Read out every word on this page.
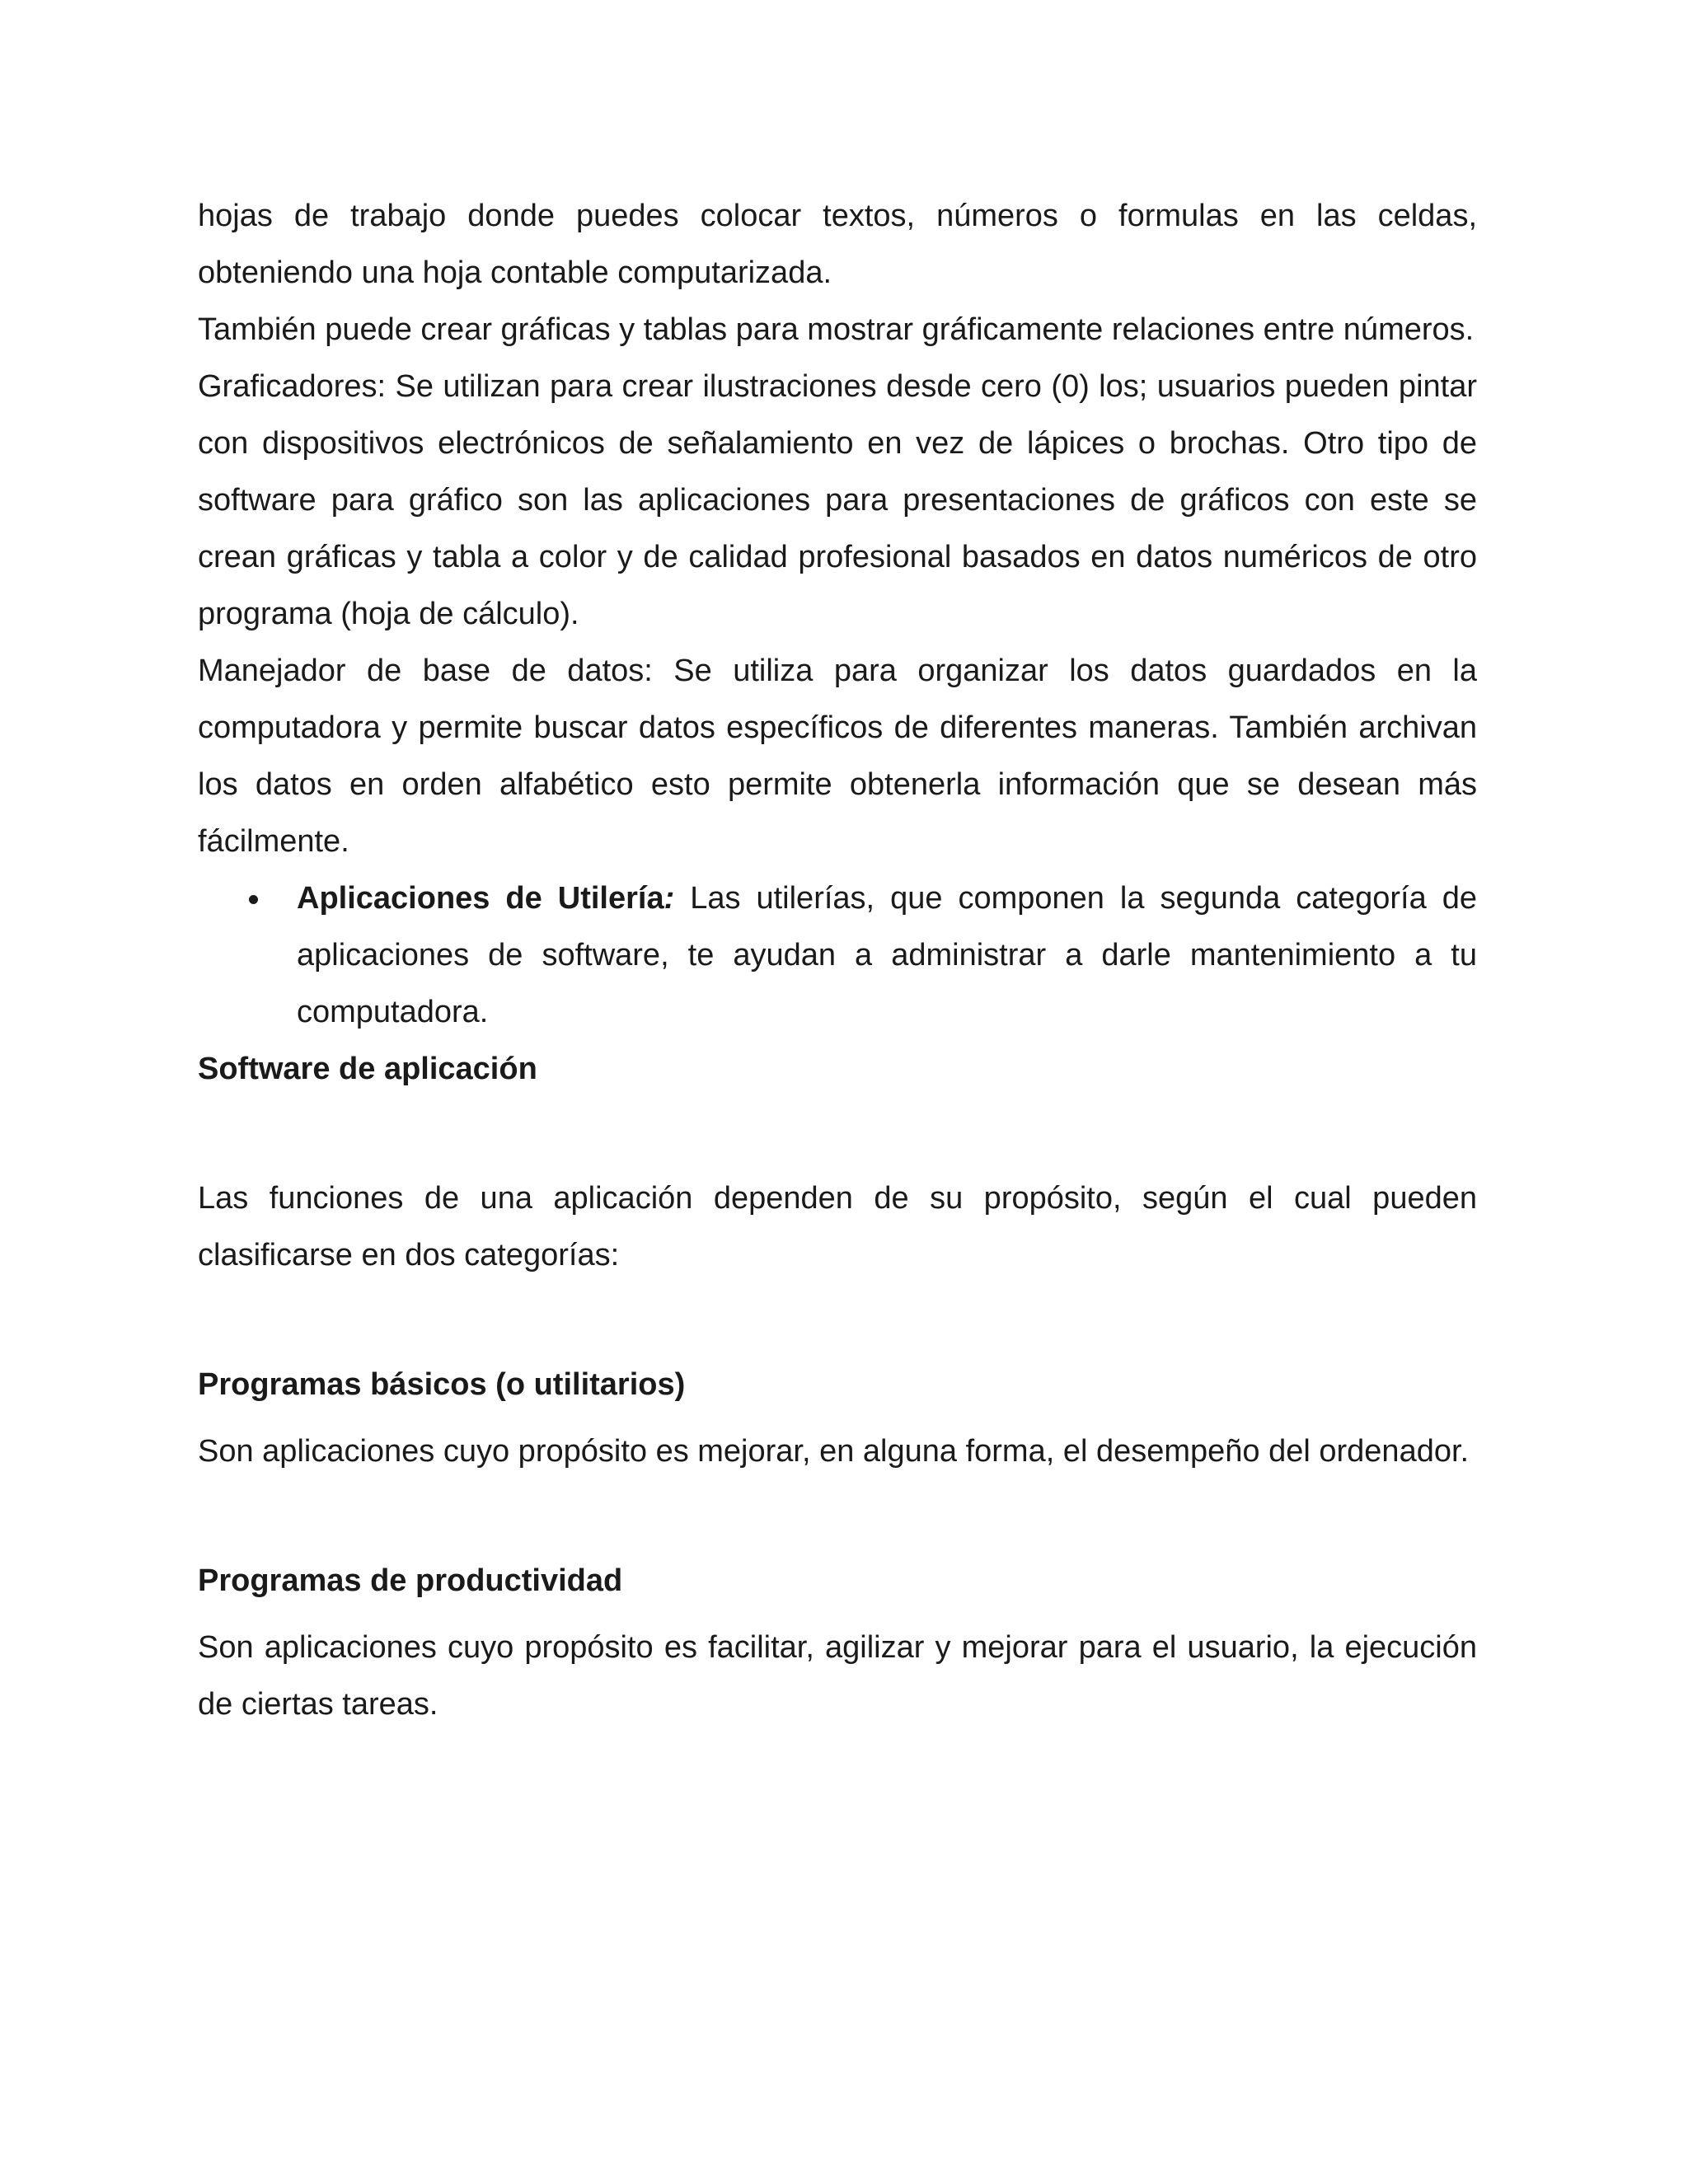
hojas de trabajo donde puedes colocar textos, números o formulas en las celdas, obteniendo una hoja contable computarizada.

También puede crear gráficas y tablas para mostrar gráficamente relaciones entre números.

Graficadores: Se utilizan para crear ilustraciones desde cero (0) los; usuarios pueden pintar con dispositivos electrónicos de señalamiento en vez de lápices o brochas. Otro tipo de software para gráfico son las aplicaciones para presentaciones de gráficos con este se crean gráficas y tabla a color y de calidad profesional basados en datos numéricos de otro programa (hoja de cálculo).

Manejador de base de datos: Se utiliza para organizar los datos guardados en la computadora y permite buscar datos específicos de diferentes maneras. También archivan los datos en orden alfabético esto permite obtenerla información que se desean más fácilmente.

Aplicaciones de Utilería: Las utilerías, que componen la segunda categoría de aplicaciones de software, te ayudan a administrar a darle mantenimiento a tu computadora.

Software de aplicación

Las funciones de una aplicación dependen de su propósito, según el cual pueden clasificarse en dos categorías:

Programas básicos (o utilitarios)

Son aplicaciones cuyo propósito es mejorar, en alguna forma, el desempeño del ordenador.

Programas de productividad

Son aplicaciones cuyo propósito es facilitar, agilizar y mejorar para el usuario, la ejecución de ciertas tareas.
